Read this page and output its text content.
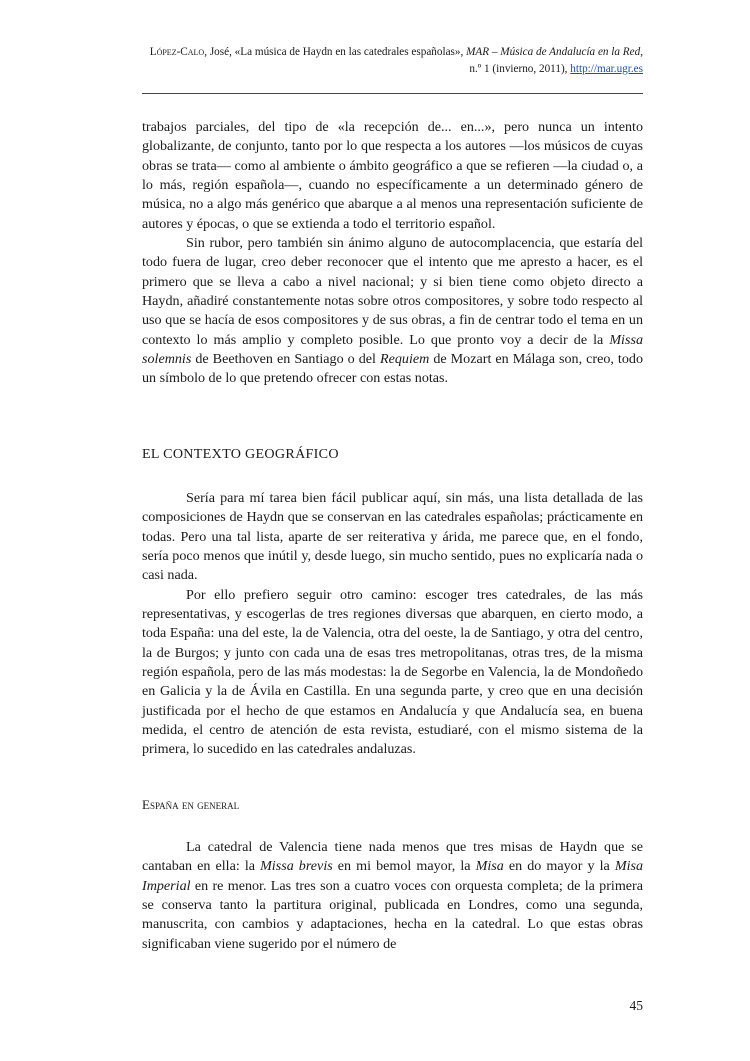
López-Calo, José, «La música de Haydn en las catedrales españolas», MAR – Música de Andalucía en la Red, n.º 1 (invierno, 2011), http://mar.ugr.es

trabajos parciales, del tipo de «la recepción de... en...», pero nunca un intento globalizante, de conjunto, tanto por lo que respecta a los autores —los músicos de cuyas obras se trata— como al ambiente o ámbito geográfico a que se refieren —la ciudad o, a lo más, región española—, cuando no específicamente a un determinado género de música, no a algo más genérico que abarque a al menos una representación suficiente de autores y épocas, o que se extienda a todo el territorio español.

Sin rubor, pero también sin ánimo alguno de autocomplacencia, que estaría del todo fuera de lugar, creo deber reconocer que el intento que me apresto a hacer, es el primero que se lleva a cabo a nivel nacional; y si bien tiene como objeto directo a Haydn, añadiré constantemente notas sobre otros compositores, y sobre todo respecto al uso que se hacía de esos compositores y de sus obras, a fin de centrar todo el tema en un contexto lo más amplio y completo posible. Lo que pronto voy a decir de la Missa solemnis de Beethoven en Santiago o del Requiem de Mozart en Málaga son, creo, todo un símbolo de lo que pretendo ofrecer con estas notas.

EL CONTEXTO GEOGRÁFICO

Sería para mí tarea bien fácil publicar aquí, sin más, una lista detallada de las composiciones de Haydn que se conservan en las catedrales españolas; prácticamente en todas. Pero una tal lista, aparte de ser reiterativa y árida, me parece que, en el fondo, sería poco menos que inútil y, desde luego, sin mucho sentido, pues no explicaría nada o casi nada.

Por ello prefiero seguir otro camino: escoger tres catedrales, de las más representativas, y escogerlas de tres regiones diversas que abarquen, en cierto modo, a toda España: una del este, la de Valencia, otra del oeste, la de Santiago, y otra del centro, la de Burgos; y junto con cada una de esas tres metropolitanas, otras tres, de la misma región española, pero de las más modestas: la de Segorbe en Valencia, la de Mondoñedo en Galicia y la de Ávila en Castilla. En una segunda parte, y creo que en una decisión justificada por el hecho de que estamos en Andalucía y que Andalucía sea, en buena medida, el centro de atención de esta revista, estudiaré, con el mismo sistema de la primera, lo sucedido en las catedrales andaluzas.

España en general

La catedral de Valencia tiene nada menos que tres misas de Haydn que se cantaban en ella: la Missa brevis en mi bemol mayor, la Misa en do mayor y la Misa Imperial en re menor. Las tres son a cuatro voces con orquesta completa; de la primera se conserva tanto la partitura original, publicada en Londres, como una segunda, manuscrita, con cambios y adaptaciones, hecha en la catedral. Lo que estas obras significaban viene sugerido por el número de

45
